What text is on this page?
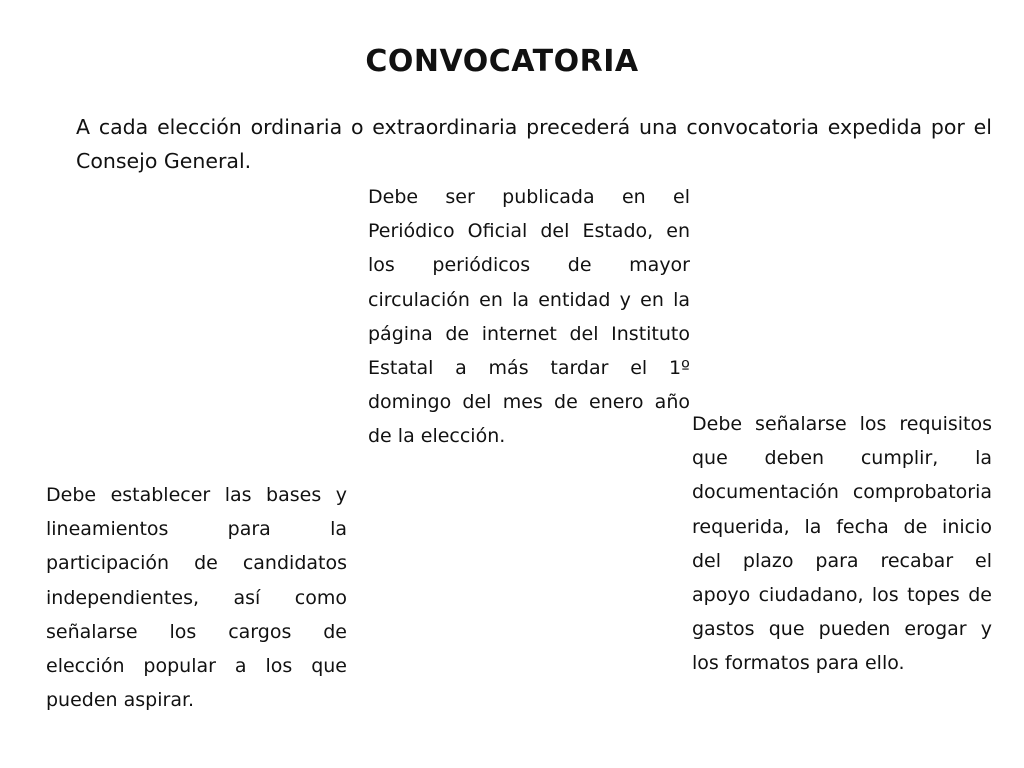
CONVOCATORIA
A cada elección ordinaria o extraordinaria precederá una convocatoria expedida por el Consejo General.
Debe ser publicada en el Periódico Oficial del Estado, en los periódicos de mayor circulación en la entidad y en la página de internet del Instituto Estatal a más tardar el 1º domingo del mes de enero año de la elección.
Debe establecer las bases y lineamientos para la participación de candidatos independientes, así como señalarse los cargos de elección popular a los que pueden aspirar.
Debe señalarse los requisitos que deben cumplir, la documentación comprobatoria requerida, la fecha de inicio del plazo para recabar el apoyo ciudadano, los topes de gastos que pueden erogar y los formatos para ello.
